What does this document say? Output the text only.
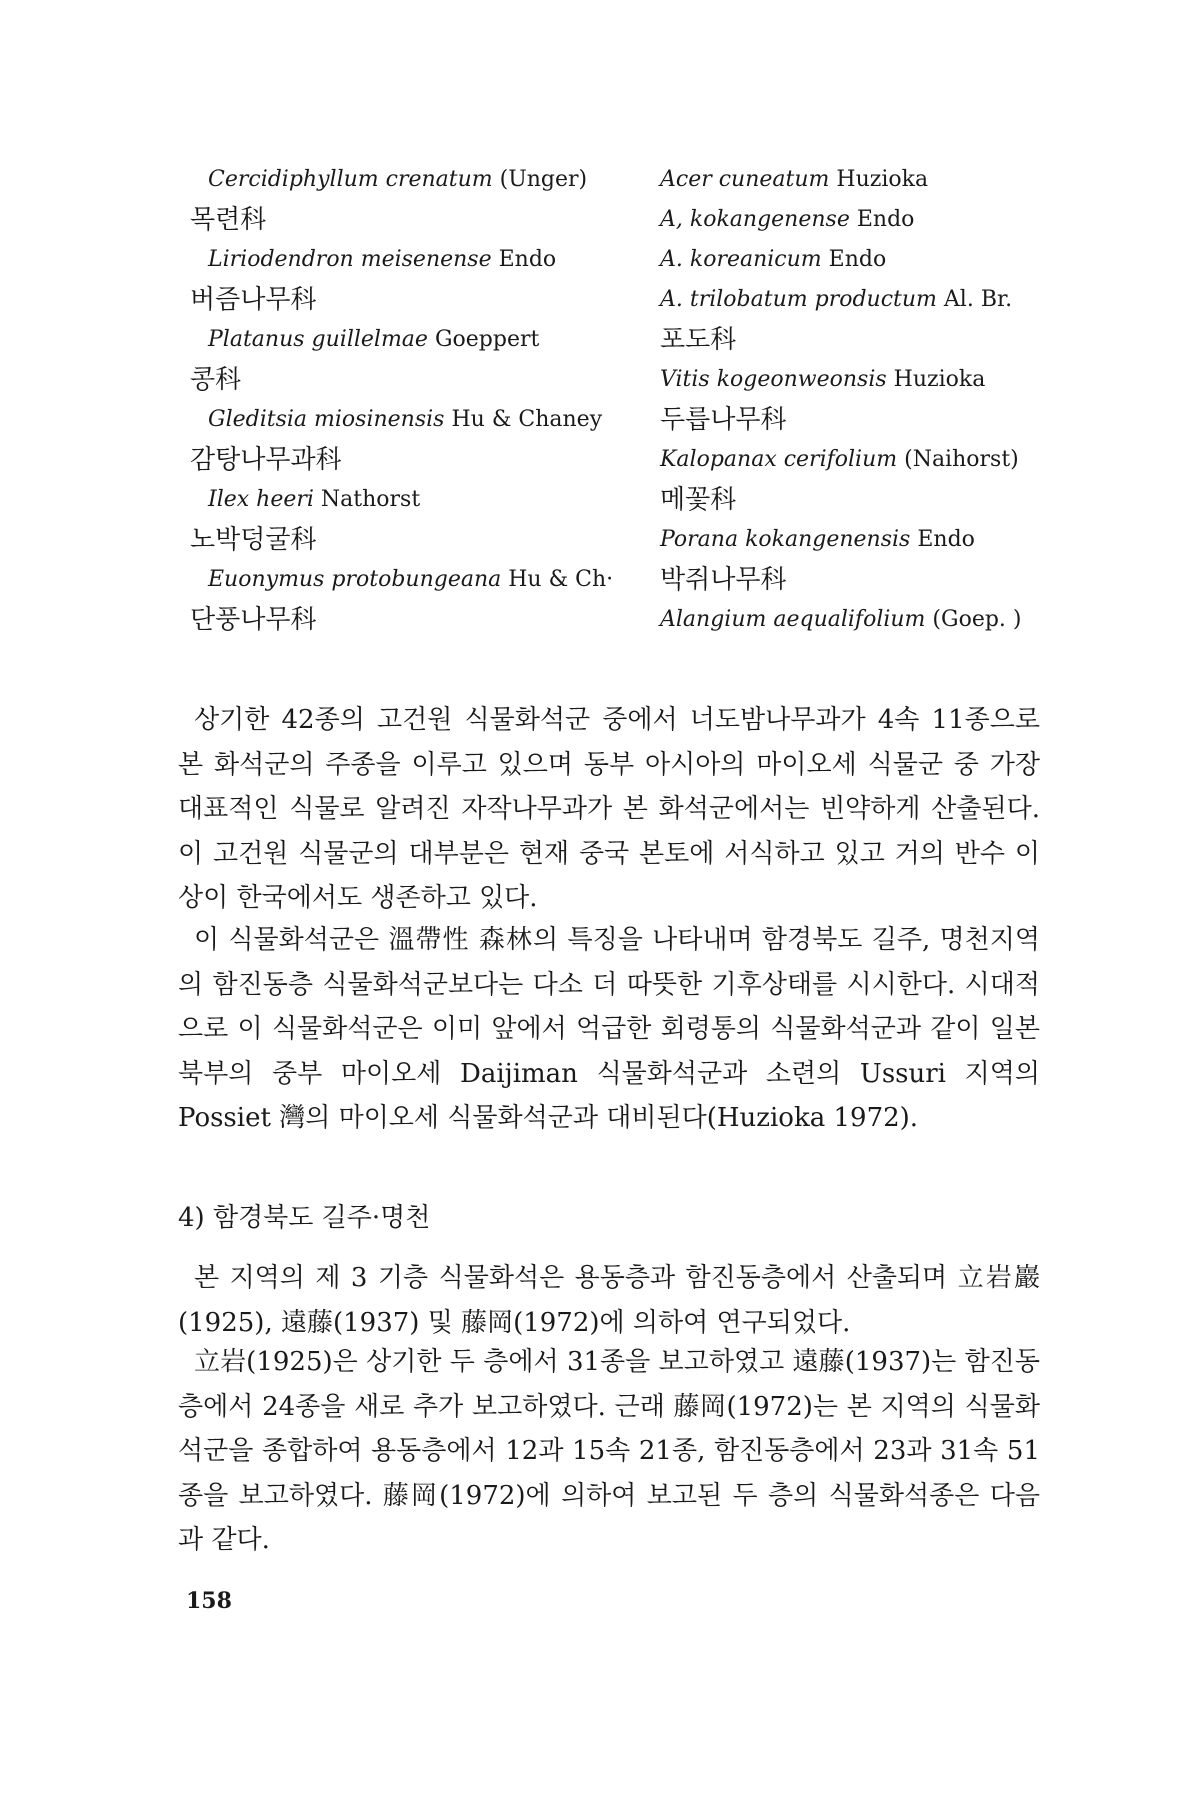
Cercidiphyllum crenatum (Unger)
목련科
Liriodendron meisenense Endo
버즘나무科
Platanus guillelmae Goeppert
콩科
Gleditsia miosinensis Hu & Chaney
감탕나무과科
Ilex heeri Nathorst
노박덩굴科
Euonymus protobungeana Hu & Ch·
단풍나무科
Acer cuneatum Huzioka
A, kokangenense Endo
A. koreanicum Endo
A. trilobatum productum Al. Br.
포도科
Vitis kogeonweonsis Huzioka
두릅나무科
Kalopanax cerifolium (Naihorst)
메꽃科
Porana kokangenensis Endo
박쥐나무科
Alangium aequalifolium (Goep. )

상기한 42종의 고건원 식물화석군 중에서 너도밤나무과가 4속 11종으로 본 화석군의 주종을 이루고 있으며 동부 아시아의 마이오세 식물군 중 가장 대표적인 식물로 알려진 자작나무과가 본 화석군에서는 빈약하게 산출된다. 이 고건원 식물군의 대부분은 현재 중국 본토에 서식하고 있고 거의 반수 이상이 한국에서도 생존하고 있다.

이 식물화석군은 溫帶性 森林의 특징을 나타내며 함경북도 길주, 명천지역의 함진동층 식물화석군보다는 다소 더 따뜻한 기후상태를 시시한다. 시대적으로 이 식물화석군은 이미 앞에서 억급한 회령통의 식물화석군과 같이 일본 북부의 중부 마이오세 Daijiman 식물화석군과 소련의 Ussuri 지역의 Possiet 灣의 마이오세 식물화석군과 대비된다(Huzioka 1972).

4) 함경북도 길주·명천

본 지역의 제 3 기층 식물화석은 용동층과 함진동층에서 산출되며 立岩巖(1925), 遠藤(1937) 및 藤岡(1972)에 의하여 연구되었다.

立岩(1925)은 상기한 두 층에서 31종을 보고하였고 遠藤(1937)는 함진동층에서 24종을 새로 추가 보고하였다. 근래 藤岡(1972)는 본 지역의 식물화석군을 종합하여 용동층에서 12과 15속 21종, 함진동층에서 23과 31속 51종을 보고하였다. 藤岡(1972)에 의하여 보고된 두 층의 식물화석종은 다음과 같다.

158
